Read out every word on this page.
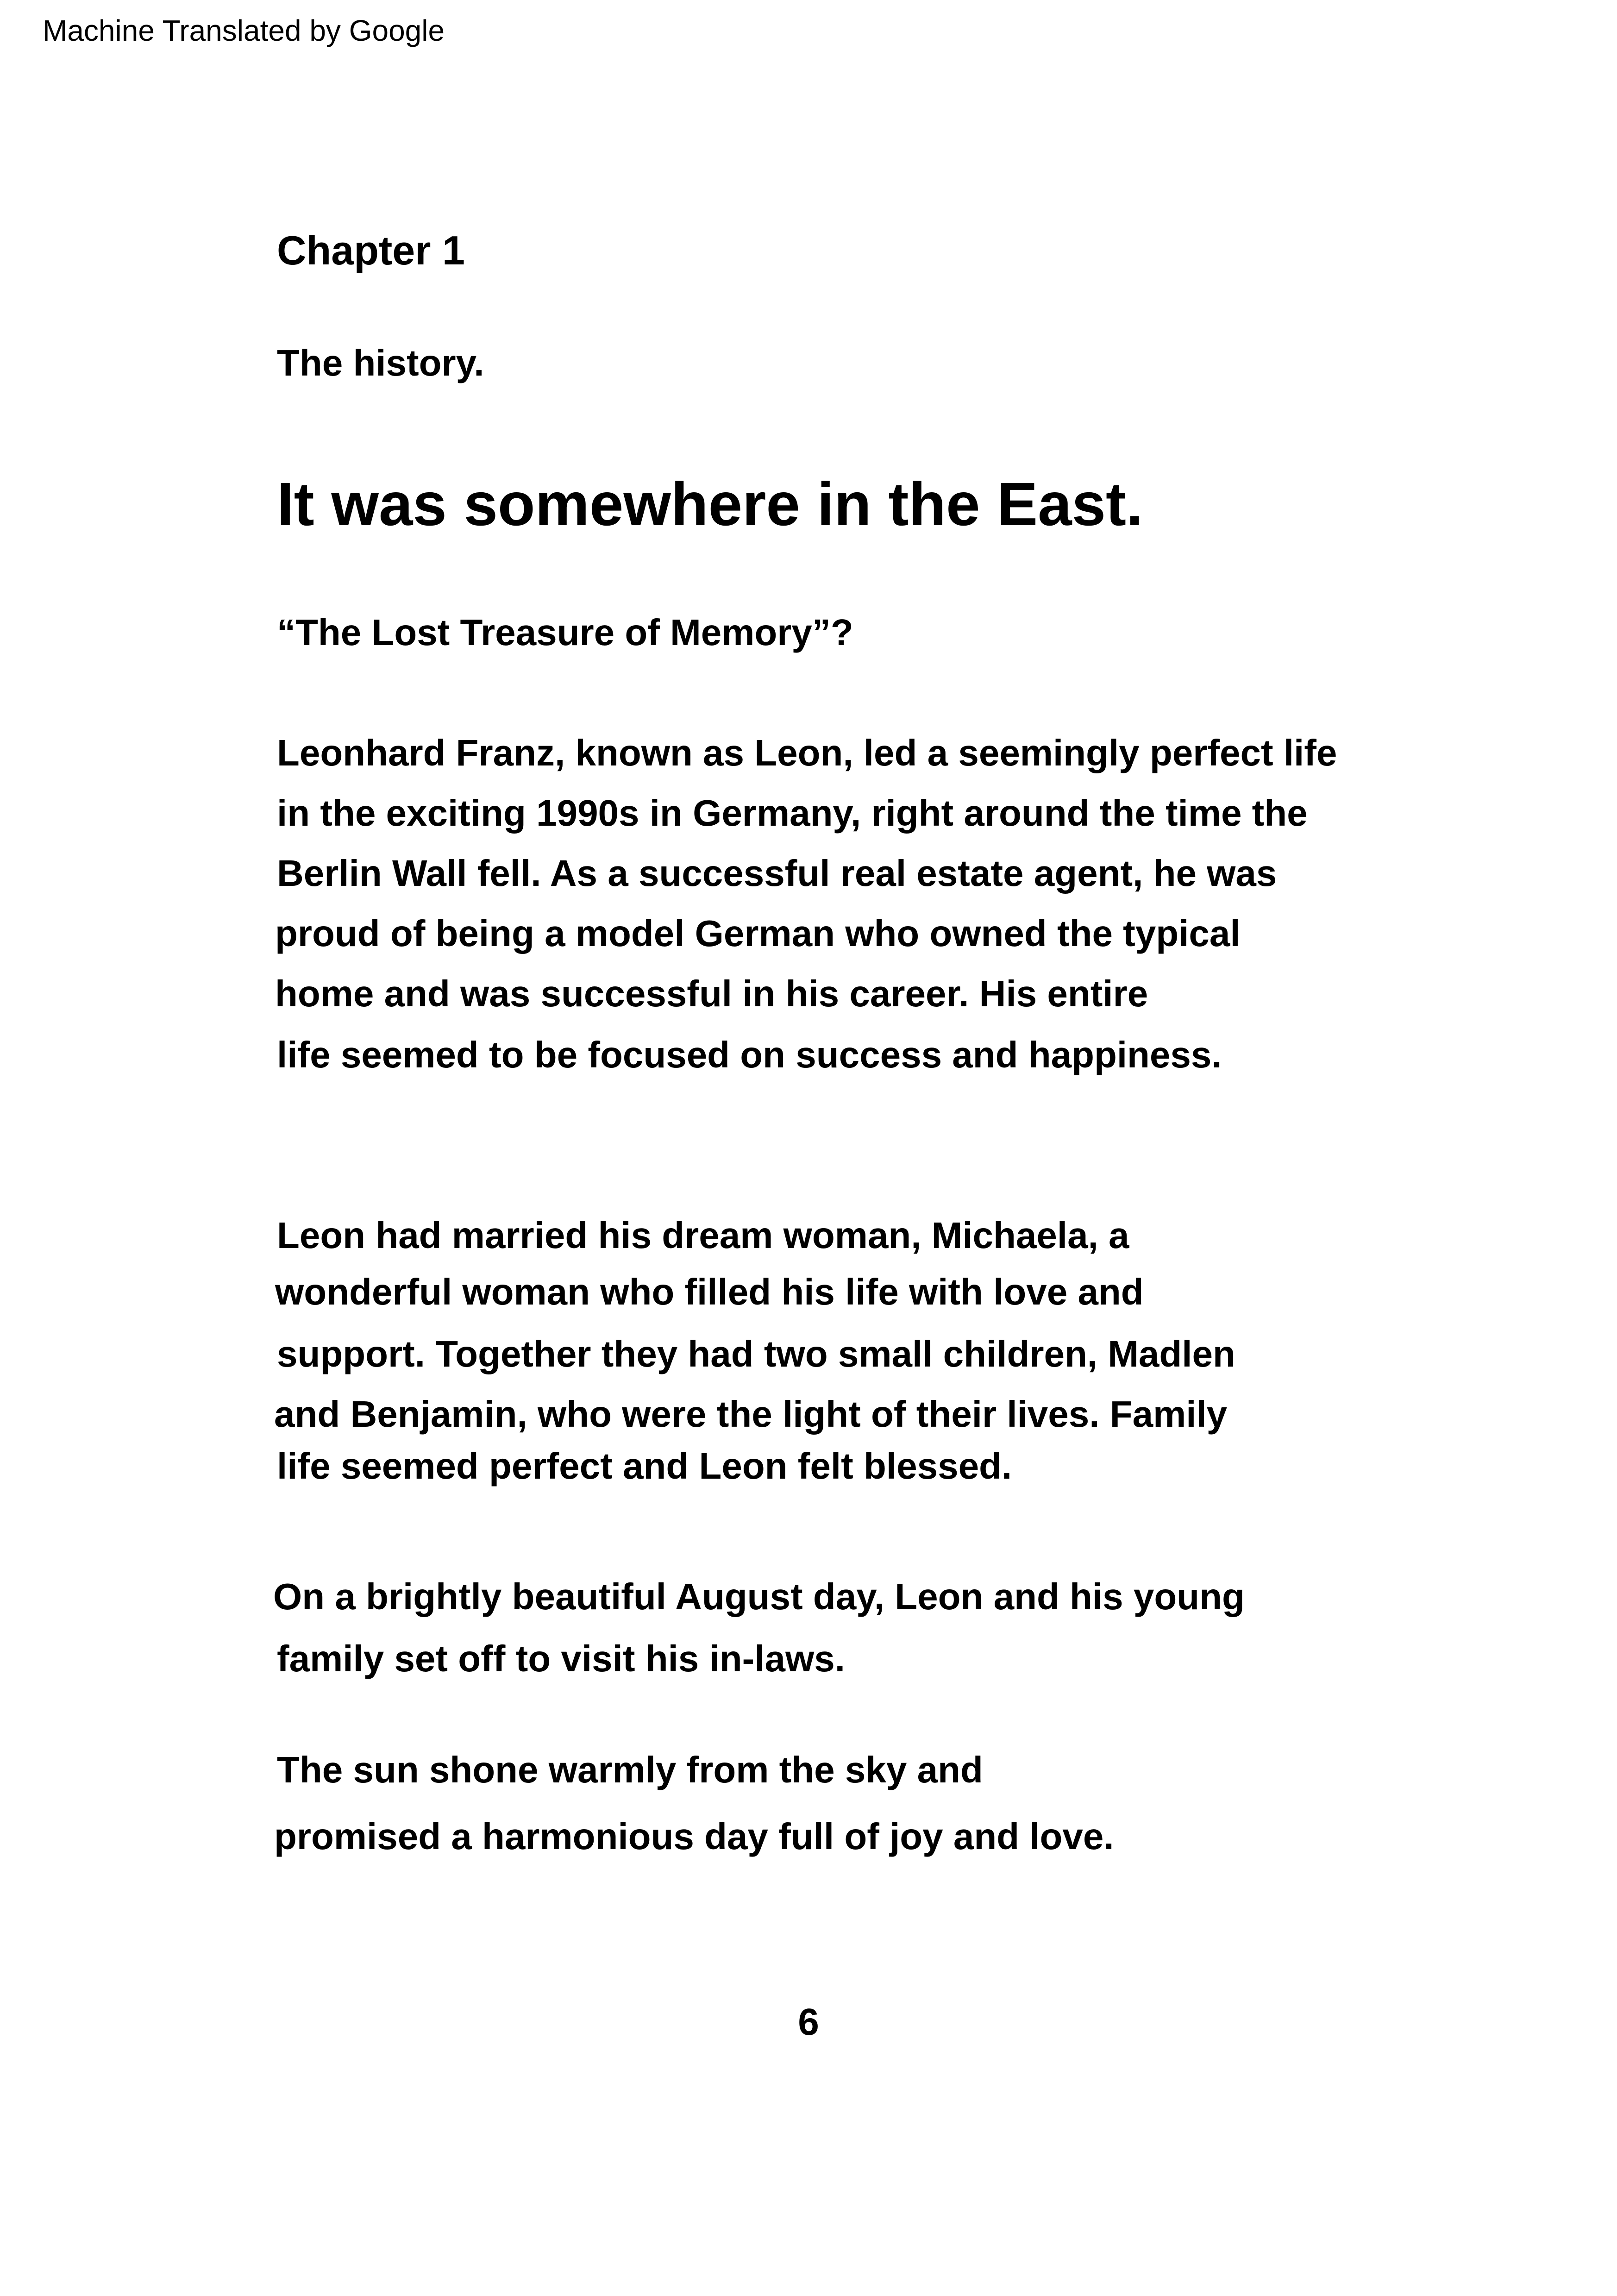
Machine Translated by Google
Chapter 1
The history.
It was somewhere in the East.
“The Lost Treasure of Memory”?
Leonhard Franz, known as Leon, led a seemingly perfect life
in the exciting 1990s in Germany, right around the time the
Berlin Wall fell. As a successful real estate agent, he was
proud of being a model German who owned the typical
home and was successful in his career. His entire
life seemed to be focused on success and happiness.
Leon had married his dream woman, Michaela, a
wonderful woman who filled his life with love and
support. Together they had two small children, Madlen
and Benjamin, who were the light of their lives. Family
life seemed perfect and Leon felt blessed.
On a brightly beautiful August day, Leon and his young
family set off to visit his in-laws.
The sun shone warmly from the sky and
promised a harmonious day full of joy and love.
6
